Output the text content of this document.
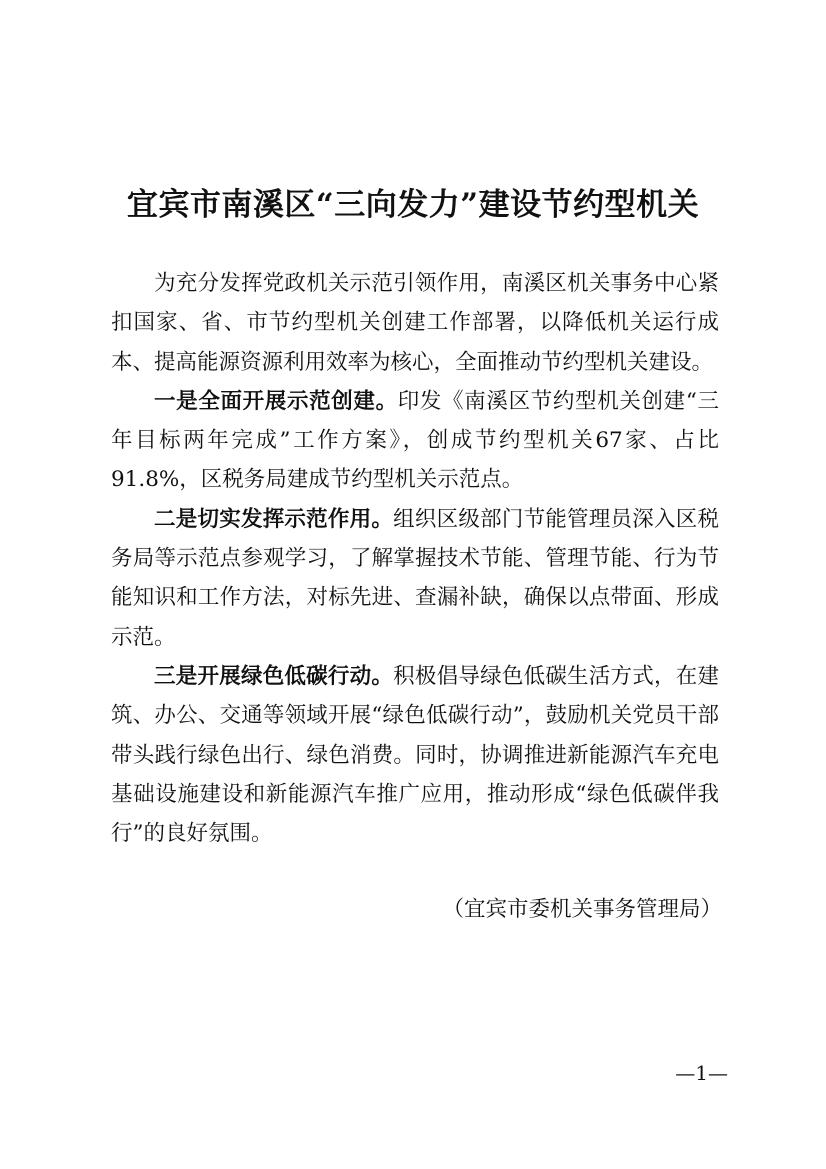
宜宾市南溪区“三向发力”建设节约型机关

为充分发挥党政机关示范引领作用，南溪区机关事务中心紧扣国家、省、市节约型机关创建工作部署，以降低机关运行成本、提高能源资源利用效率为核心，全面推动节约型机关建设。

一是全面开展示范创建。印发《南溪区节约型机关创建“三年目标两年完成”工作方案》，创成节约型机关67家、占比91.8%，区税务局建成节约型机关示范点。

二是切实发挥示范作用。组织区级部门节能管理员深入区税务局等示范点参观学习，了解掌握技术节能、管理节能、行为节能知识和工作方法，对标先进、查漏补缺，确保以点带面、形成示范。

三是开展绿色低碳行动。积极倡导绿色低碳生活方式，在建筑、办公、交通等领域开展“绿色低碳行动”，鼓励机关党员干部带头践行绿色出行、绿色消费。同时，协调推进新能源汽车充电基础设施建设和新能源汽车推广应用，推动形成“绿色低碳伴我行”的良好氛围。

（宜宾市委机关事务管理局）

—1—
